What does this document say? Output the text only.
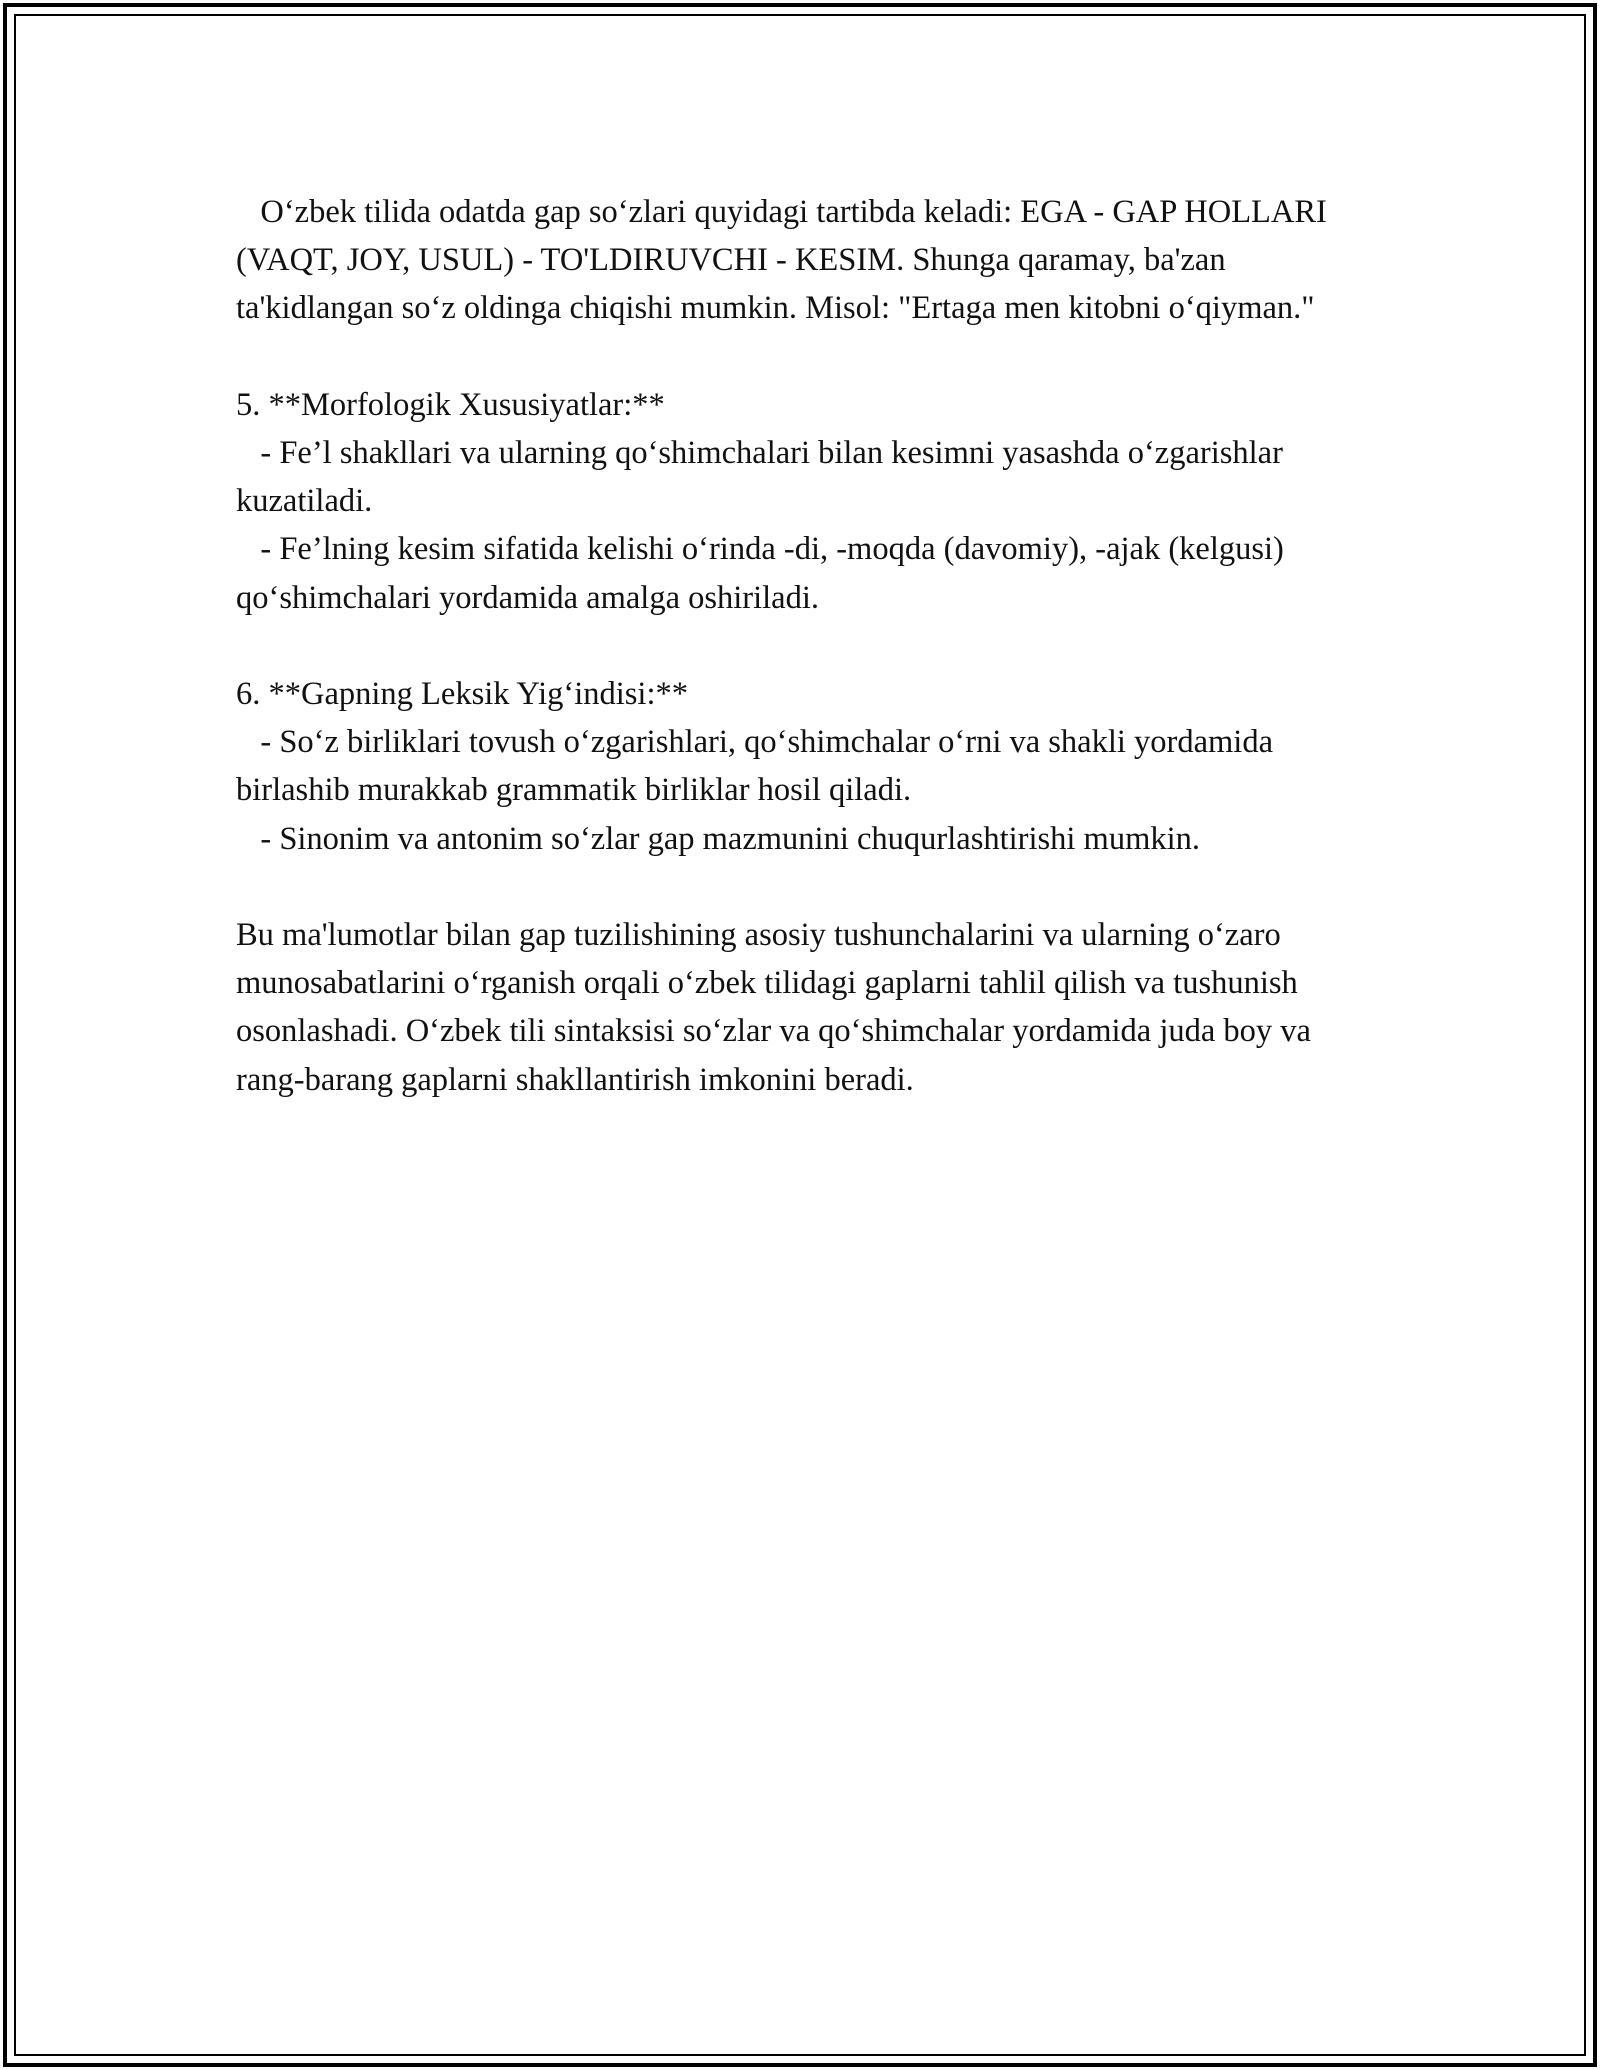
O‘zbek tilida odatda gap so‘zlari quyidagi tartibda keladi: EGA - GAP HOLLARI (VAQT, JOY, USUL) - TO'LDIRUVCHI - KESIM. Shunga qaramay, ba'zan ta'kidlangan so‘z oldinga chiqishi mumkin. Misol: "Ertaga men kitobni o‘qiyman."

5. **Morfologik Xususiyatlar:**

- Fe’l shakllari va ularning qo‘shimchalari bilan kesimni yasashda o‘zgarishlar kuzatiladi.

- Fe’lning kesim sifatida kelishi o‘rinda -di, -moqda (davomiy), -ajak (kelgusi) qo‘shimchalari yordamida amalga oshiriladi.

6. **Gapning Leksik Yig‘indisi:**

- So‘z birliklari tovush o‘zgarishlari, qo‘shimchalar o‘rni va shakli yordamida birlashib murakkab grammatik birliklar hosil qiladi.

- Sinonim va antonim so‘zlar gap mazmunini chuqurlashtirishi mumkin.

Bu ma'lumotlar bilan gap tuzilishining asosiy tushunchalarini va ularning o‘zaro munosabatlarini o‘rganish orqali o‘zbek tilidagi gaplarni tahlil qilish va tushunish osonlashadi. O‘zbek tili sintaksisi so‘zlar va qo‘shimchalar yordamida juda boy va rang-barang gaplarni shakllantirish imkonini beradi.
